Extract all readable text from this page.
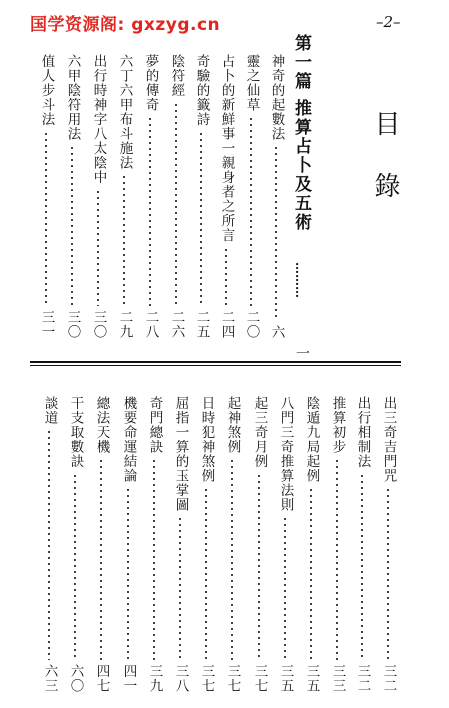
国学资源阁: gxzyg.cn	–2–
目 錄
第一篇 推算占卜及五術
………
一
神奇的起數法
六
靈之仙草
二〇
占卜的新鮮事一親身者之所言
二四
奇驗的籤詩
二五
陰符經
二六
夢的傳奇
二八
六丁六甲布斗施法
二九
出行時神字八太陰中
三〇
六甲陰符用法
三〇
值人步斗法
三一
出三奇吉門咒
三二
出行相制法
三二
推算初步
三三
陰遁九局起例
三五
八門三奇推算法則
三五
起三奇月例
三七
起神煞例
三七
日時犯神煞例
三七
屈指一算的玉掌圖
三八
奇門總訣
三九
機要命運結論
四一
總法天機
四七
干支取數訣
六〇
談道
六三
